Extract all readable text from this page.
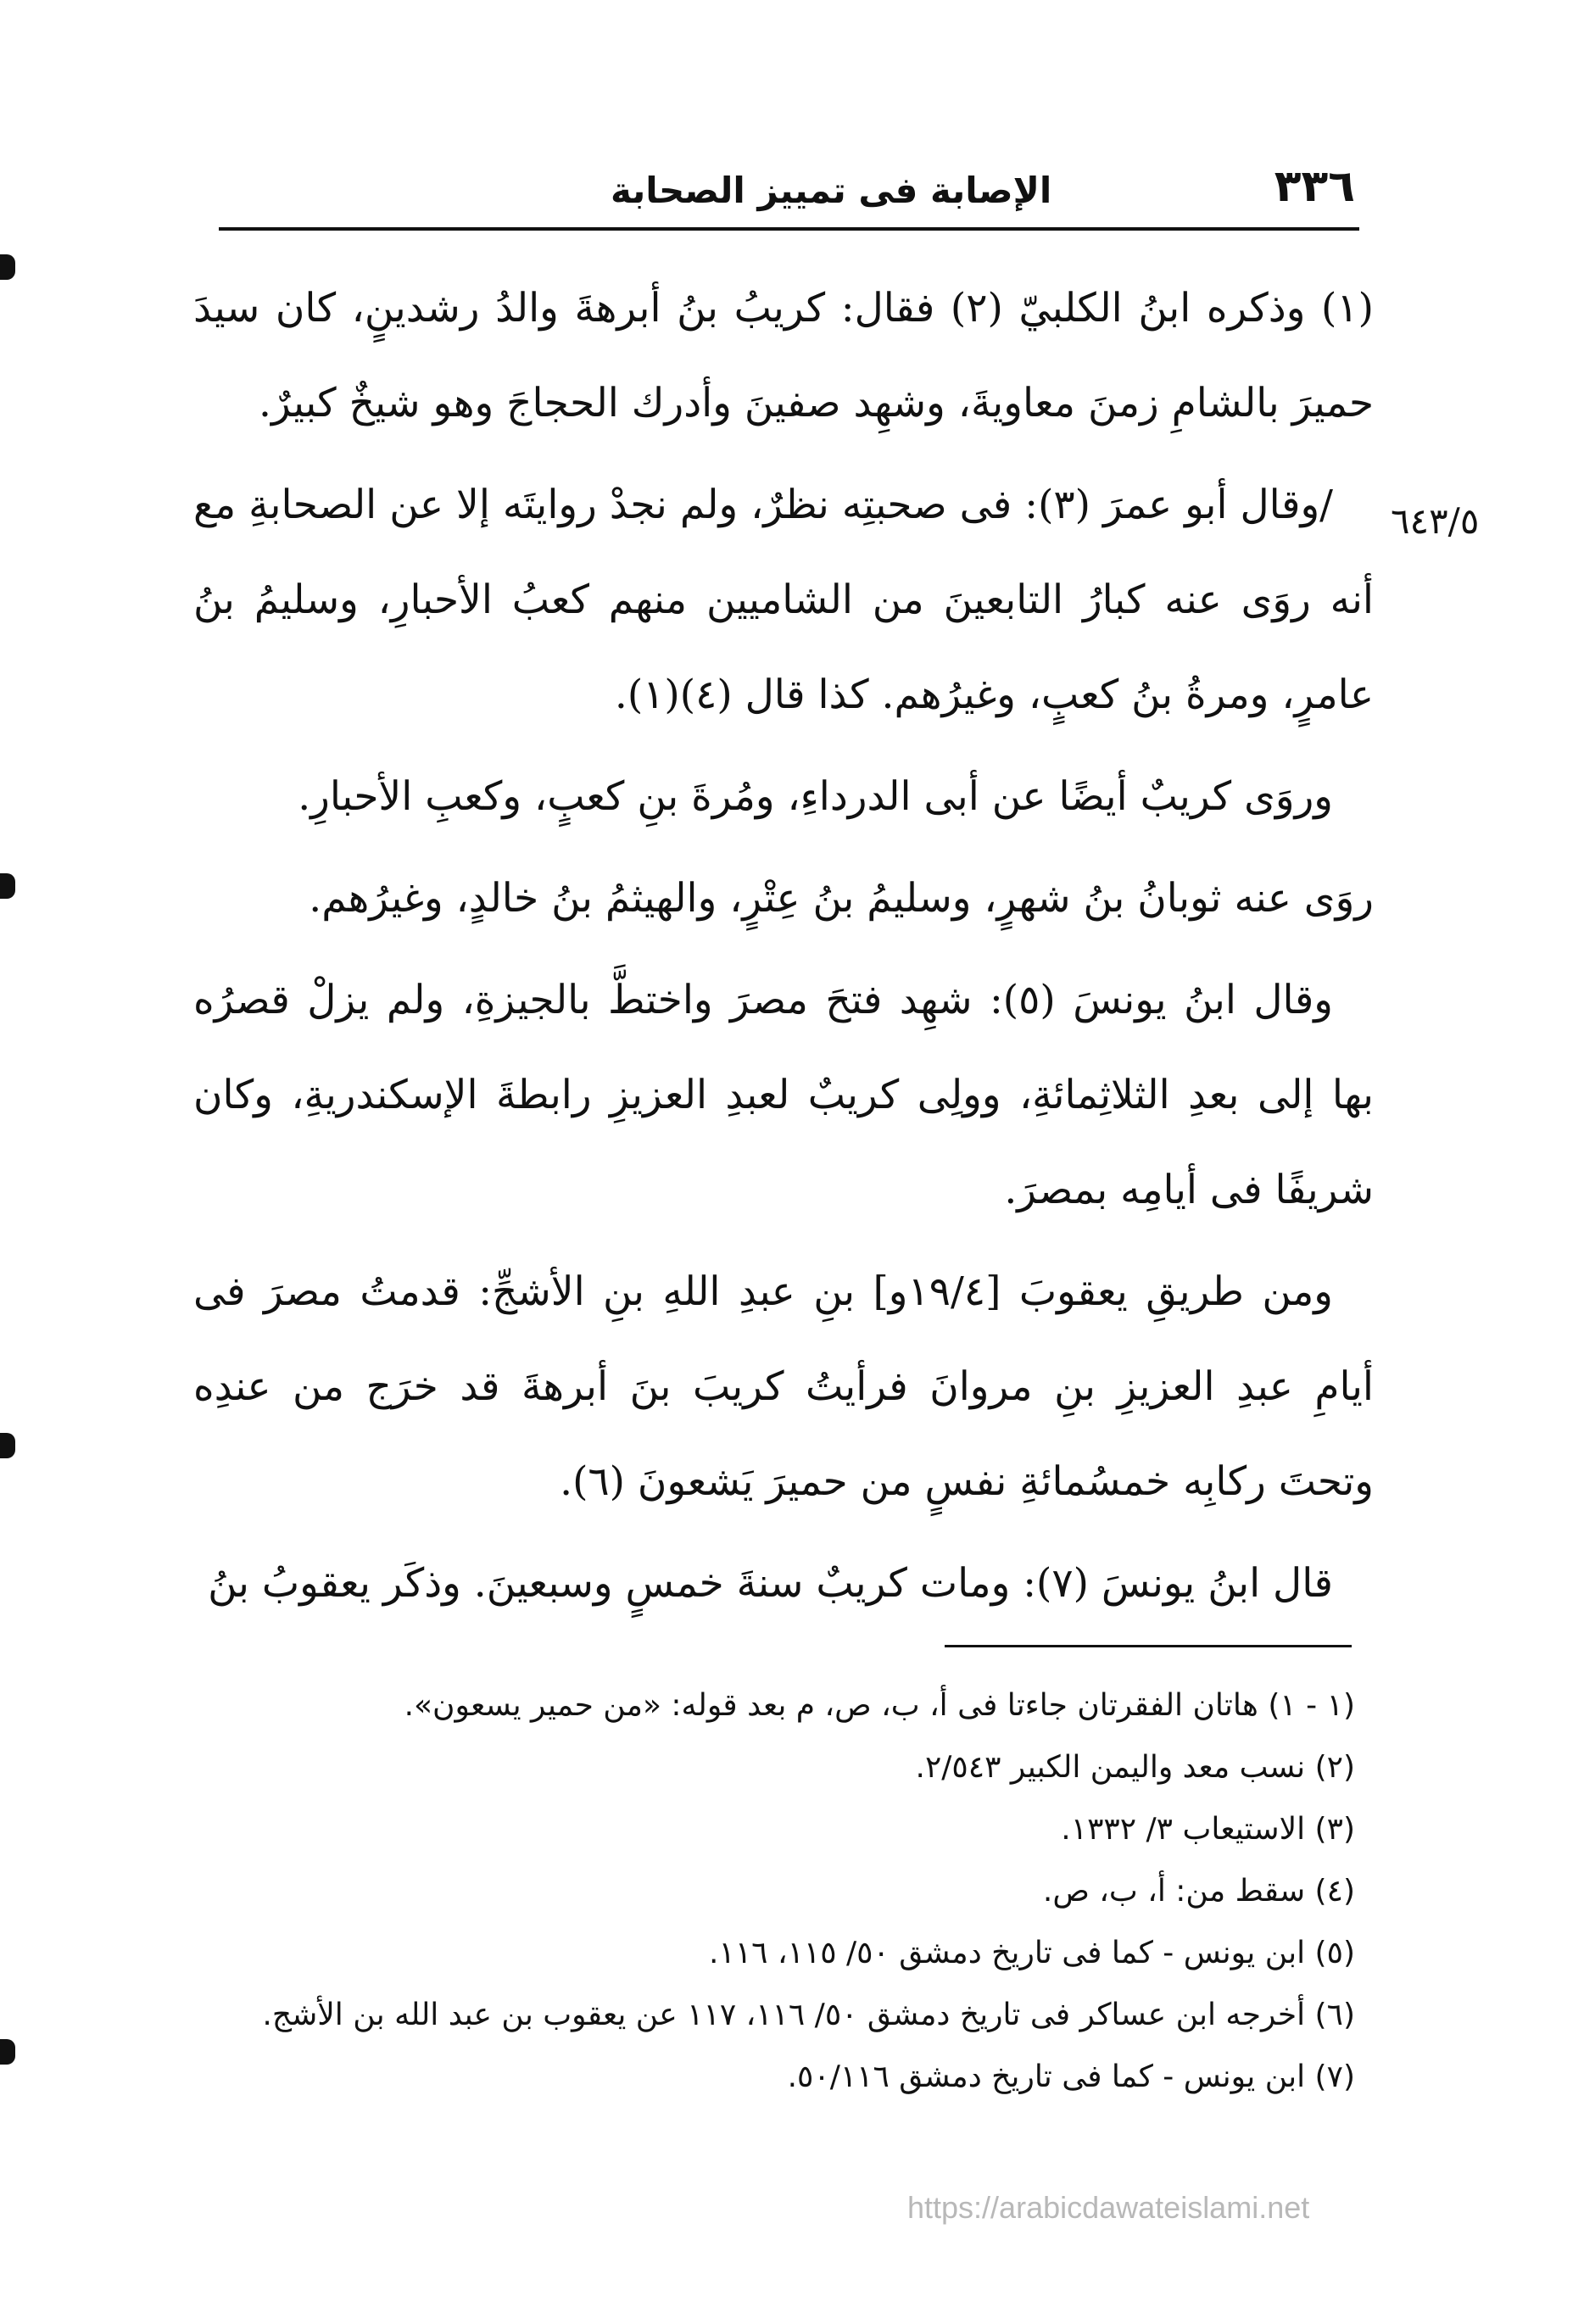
٣٣٦
الإصابة فى تمييز الصحابة
٦٤٣/٥

(١) وذكره ابنُ الكلبيّ (٢) فقال: كريبُ بنُ أبرهةَ والدُ رشدينٍ، كان سيدَ حميرَ بالشامِ زمنَ معاويةَ، وشهِد صفينَ وأدرك الحجاجَ وهو شيخٌ كبيرٌ.

/وقال أبو عمرَ (٣): فى صحبتِه نظرٌ، ولم نجدْ روايتَه إلا عن الصحابةِ مع أنه روَى عنه كبارُ التابعينَ من الشاميين منهم كعبُ الأحبارِ، وسليمُ بنُ عامرٍ، ومرةُ بنُ كعبٍ، وغيرُهم. كذا قال (٤)(١).

وروَى كريبٌ أيضًا عن أبى الدرداءِ، ومُرةَ بنِ كعبٍ، وكعبِ الأحبارِ.

روَى عنه ثوبانُ بنُ شهرٍ، وسليمُ بنُ عِتْرٍ، والهيثمُ بنُ خالدٍ، وغيرُهم.

وقال ابنُ يونسَ (٥): شهِد فتحَ مصرَ واختطَّ بالجيزةِ، ولم يزلْ قصرُه بها إلى بعدِ الثلاثِمائةِ، وولِى كريبٌ لعبدِ العزيزِ رابطةَ الإسكندريةِ، وكان شريفًا فى أيامِه بمصرَ.

ومن طريقِ يعقوبَ [١٩/٤و] بنِ عبدِ اللهِ بنِ الأشجِّ: قدمتُ مصرَ فى أيامِ عبدِ العزيزِ بنِ مروانَ فرأيتُ كريبَ بنَ أبرهةَ قد خرَج من عندِه وتحتَ ركابِه خمسُمائةِ نفسٍ من حميرَ يَشعونَ (٦).

قال ابنُ يونسَ (٧): ومات كريبٌ سنةَ خمسٍ وسبعينَ. وذكَر يعقوبُ بنُ

(١ - ١) هاتان الفقرتان جاءتا فى أ، ب، ص، م بعد قوله: «من حمير يسعون».
(٢) نسب معد واليمن الكبير ٢/٥٤٣.
(٣) الاستيعاب ٣/ ١٣٣٢.
(٤) سقط من: أ، ب، ص.
(٥) ابن يونس - كما فى تاريخ دمشق ٥٠/ ١١٥، ١١٦.
(٦) أخرجه ابن عساكر فى تاريخ دمشق ٥٠/ ١١٦، ١١٧ عن يعقوب بن عبد الله بن الأشج.
(٧) ابن يونس - كما فى تاريخ دمشق ٥٠/١١٦.
https://arabicdawateislami.net
